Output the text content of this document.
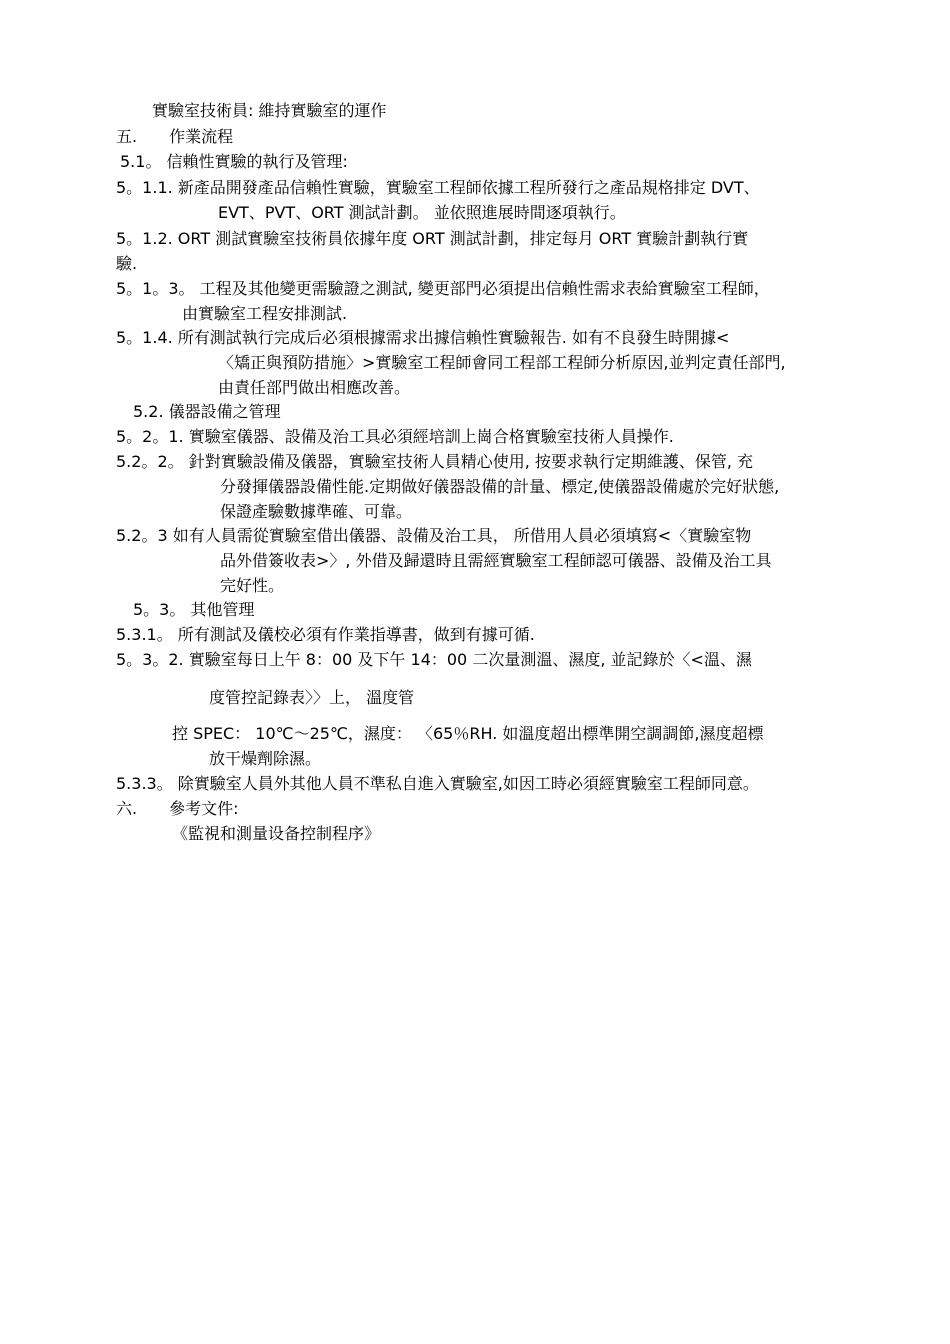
實驗室技術員: 維持實驗室的運作
五.　　作業流程
5.1。 信賴性實驗的執行及管理:
5。1.1. 新產品開發產品信賴性實驗，實驗室工程師依據工程所發行之產品規格排定 DVT、
EVT、PVT、ORT 測試計劃。 並依照進展時間逐項執行。
5。1.2. ORT 測試實驗室技術員依據年度 ORT 測試計劃，排定每月 ORT 實驗計劃執行實
驗.
5。1。3。 工程及其他變更需驗證之測試, 變更部門必須提出信賴性需求表給實驗室工程師，
由實驗室工程安排測試.
5。1.4. 所有測試執行完成后必須根據需求出據信賴性實驗報告. 如有不良發生時開據<
〈矯正與預防措施〉>實驗室工程師會同工程部工程師分析原因,並判定責任部門,
由責任部門做出相應改善。
5.2. 儀器設備之管理
5。2。1. 實驗室儀器、設備及治工具必須經培訓上崗合格實驗室技術人員操作.
5.2。2。 針對實驗設備及儀器，實驗室技術人員精心使用, 按要求執行定期維護、保管, 充
分發揮儀器設備性能.定期做好儀器設備的計量、標定,使儀器設備處於完好狀態,
保證產驗數據準確、可靠。
5.2。3 如有人員需從實驗室借出儀器、設備及治工具， 所借用人員必須填寫<〈實驗室物
品外借簽收表>〉, 外借及歸還時且需經實驗室工程師認可儀器、設備及治工具
完好性。
5。3。 其他管理
5.3.1。 所有測試及儀校必須有作業指導書，做到有據可循.
5。3。2. 實驗室每日上午 8：00 及下午 14：00 二次量測溫、濕度, 並記錄於〈<溫、濕
度管控記錄表〉〉上， 溫度管
控 SPEC： 10℃～25℃，濕度： 〈65％RH. 如溫度超出標準開空調調節,濕度超標
放干燥劑除濕。
5.3.3。 除實驗室人員外其他人員不準私自進入實驗室,如因工時必須經實驗室工程師同意。
六.　　參考文件:
《監視和測量设备控制程序》
